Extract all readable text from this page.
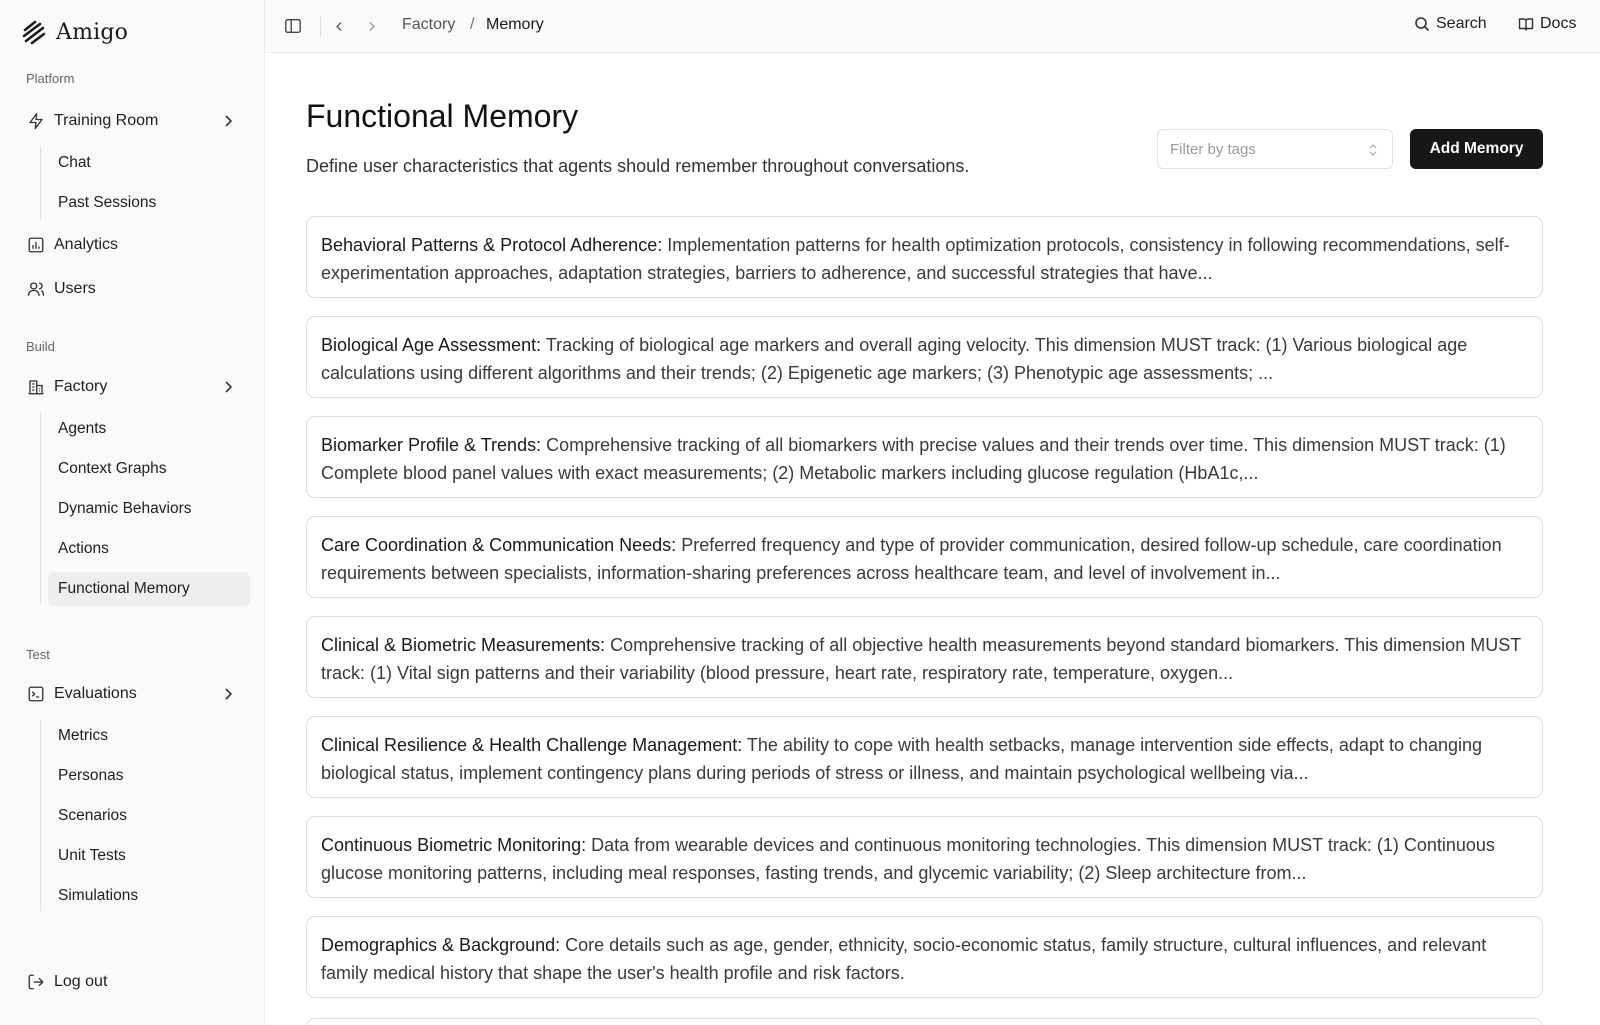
Amigo
Platform
Training Room
Chat
Past Sessions
Analytics
Users
Build
Factory
Agents
Context Graphs
Dynamic Behaviors
Actions
Functional Memory
Test
Evaluations
Metrics
Personas
Scenarios
Unit Tests
Simulations
Log out
Factory / Memory	Search	Docs
Functional Memory

Define user characteristics that agents should remember throughout conversations.

Filter by tags	Add Memory
Behavioral Patterns & Protocol Adherence: Implementation patterns for health optimization protocols, consistency in following recommendations, self-experimentation approaches, adaptation strategies, barriers to adherence, and successful strategies that have...
Biological Age Assessment: Tracking of biological age markers and overall aging velocity. This dimension MUST track: (1) Various biological age calculations using different algorithms and their trends; (2) Epigenetic age markers; (3) Phenotypic age assessments; ...
Biomarker Profile & Trends: Comprehensive tracking of all biomarkers with precise values and their trends over time. This dimension MUST track: (1) Complete blood panel values with exact measurements; (2) Metabolic markers including glucose regulation (HbA1c,...
Care Coordination & Communication Needs: Preferred frequency and type of provider communication, desired follow-up schedule, care coordination requirements between specialists, information-sharing preferences across healthcare team, and level of involvement in...
Clinical & Biometric Measurements: Comprehensive tracking of all objective health measurements beyond standard biomarkers. This dimension MUST track: (1) Vital sign patterns and their variability (blood pressure, heart rate, respiratory rate, temperature, oxygen...
Clinical Resilience & Health Challenge Management: The ability to cope with health setbacks, manage intervention side effects, adapt to changing biological status, implement contingency plans during periods of stress or illness, and maintain psychological wellbeing via...
Continuous Biometric Monitoring: Data from wearable devices and continuous monitoring technologies. This dimension MUST track: (1) Continuous glucose monitoring patterns, including meal responses, fasting trends, and glycemic variability; (2) Sleep architecture from...
Demographics & Background: Core details such as age, gender, ethnicity, socio-economic status, family structure, cultural influences, and relevant family medical history that shape the user's health profile and risk factors.
